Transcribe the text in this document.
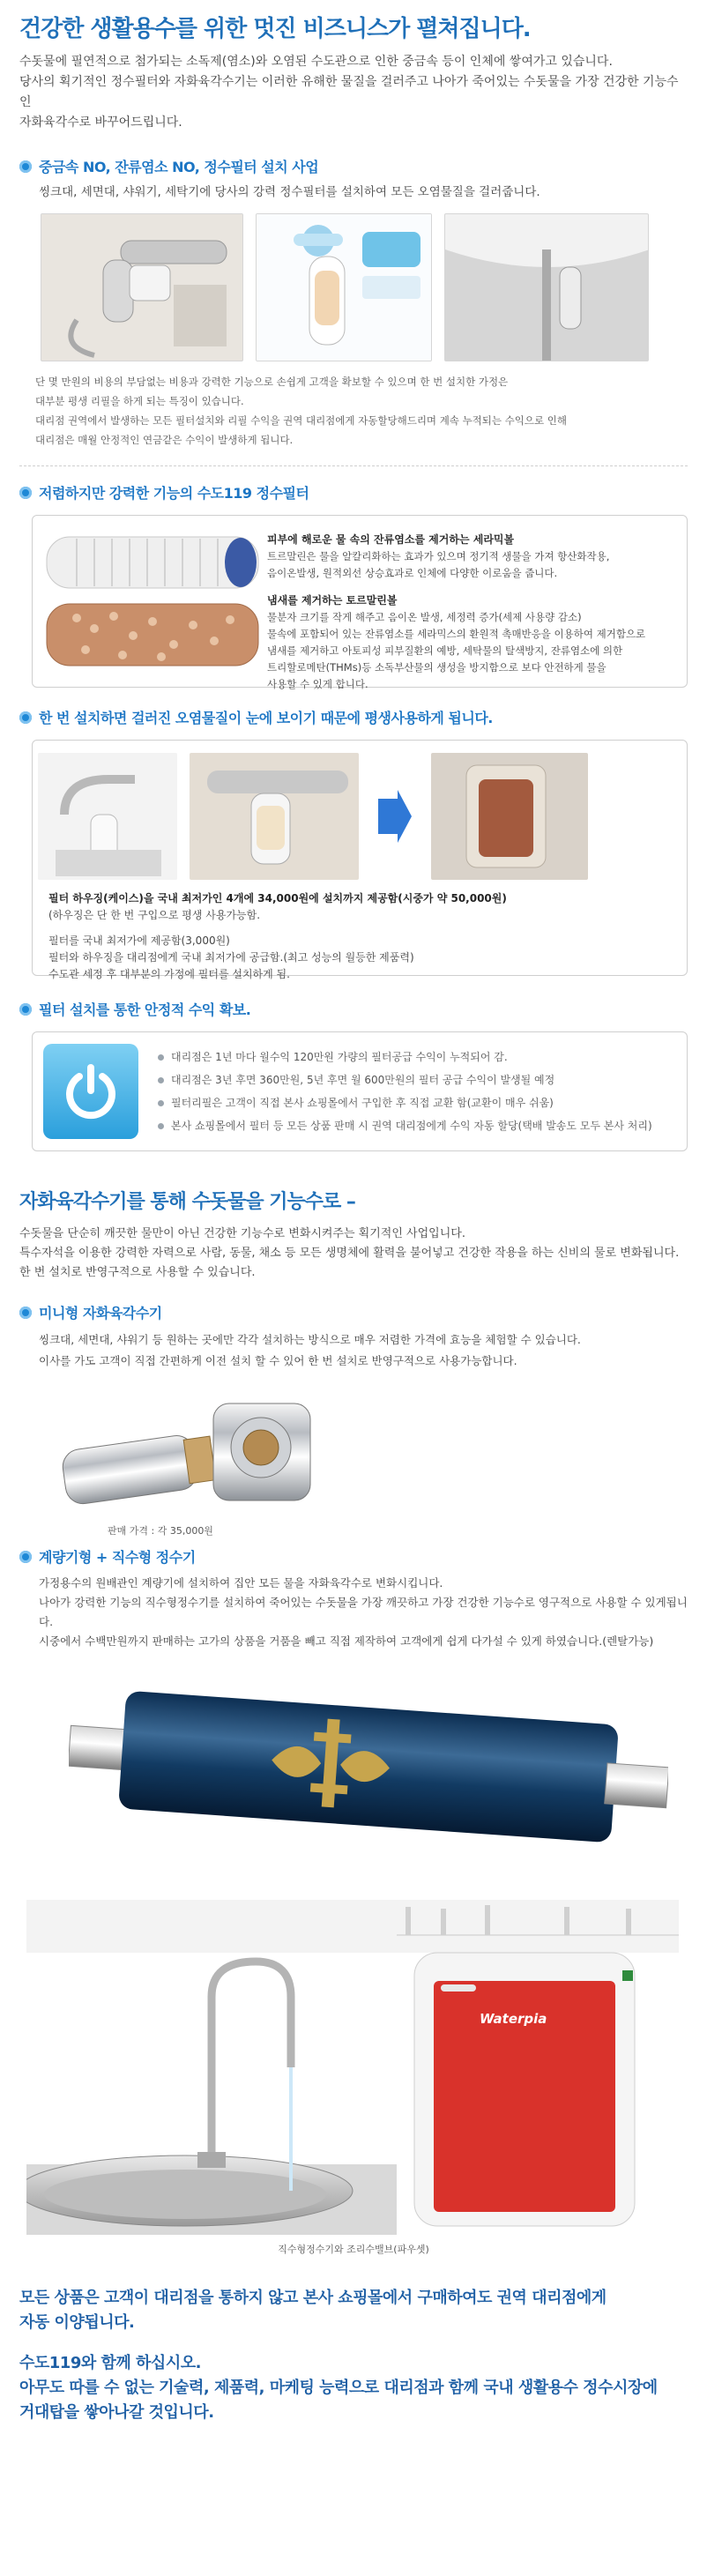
건강한 생활용수를 위한 멋진 비즈니스가 펼쳐집니다.
수돗물에 필연적으로 첨가되는 소독제(염소)와 오염된 수도관으로 인한 중금속 등이 인체에 쌓여가고 있습니다.
당사의 획기적인 정수필터와 자화육각수기는 이러한 유해한 물질을 걸러주고 나아가 죽어있는 수돗물을 가장 건강한 기능수인
자화육각수로 바꾸어드립니다.
중금속 NO, 잔류염소 NO, 정수필터 설치 사업
씽크대, 세면대, 샤워기, 세탁기에 당사의 강력 정수필터를 설치하여 모든 오염물질을 걸러줍니다.
단 몇 만원의 비용의 부담없는 비용과 강력한 기능으로 손쉽게 고객을 확보할 수 있으며 한 번 설치한 가정은
대부분 평생 리필을 하게 되는 특징이 있습니다.
대리점 권역에서 발생하는 모든 필터설치와 리필 수익을 권역 대리점에게 자동할당해드리며 계속 누적되는 수익으로 인해
대리점은 매월 안정적인 연금같은 수익이 발생하게 됩니다.
저렴하지만 강력한 기능의 수도119 정수필터
피부에 해로운 물 속의 잔류염소를 제거하는 세라믹볼

트르말린은 물을 알칼리화하는 효과가 있으며 정기적 생물을 가져 항산화작용,

음이온발생, 원적외선 상승효과로 인체에 다양한 이로움을 줍니다.

냄새를 제거하는 토르말린볼

물분자 크기를 작게 해주고 음이온 발생, 세정력 증가(세제 사용량 감소)

물속에 포함되어 있는 잔류염소를 세라믹스의 환원적 촉매반응을 이용하여 제거함으로

냄새를 제거하고 아토피성 피부질환의 예방, 세탁물의 탈색방지, 잔류염소에 의한

트리할로메탄(THMs)등 소독부산물의 생성을 방지함으로 보다 안전하게 물을

사용할 수 있게 합니다.

한 번 설치하면 걸러진 오염물질이 눈에 보이기 때문에 평생사용하게 됩니다.
필터 하우징(케이스)을 국내 최저가인 4개에 34,000원에 설치까지 제공함(시중가 약 50,000원)
(하우징은 단 한 번 구입으로 평생 사용가능함.
필터를 국내 최저가에 제공함(3,000원)
필터와 하우징을 대리점에게 국내 최저가에 공급함.(최고 성능의 월등한 제품력)
수도관 세정 후 대부분의 가정에 필터를 설치하게 됨.
필터 설치를 통한 안정적 수익 확보.
대리점은 1년 마다 월수익 120만원 가량의 필터공급 수익이 누적되어 감.
대리점은 3년 후면 360만원, 5년 후면 월 600만원의 필터 공급 수익이 발생될 예정
필터리필은 고객이 직접 본사 쇼핑몰에서 구입한 후 직접 교환 함(교환이 매우 쉬움)
본사 쇼핑몰에서 필터 등 모든 상품 판매 시 권역 대리점에게 수익 자동 할당(택배 발송도 모두 본사 처리)
자화육각수기를 통해 수돗물을 기능수로 –
수돗물을 단순히 깨끗한 물만이 아닌 건강한 기능수로 변화시켜주는 획기적인 사업입니다.
특수자석을 이용한 강력한 자력으로 사람, 동물, 채소 등 모든 생명체에 활력을 불어넣고 건강한 작용을 하는 신비의 물로 변화됩니다.
한 번 설치로 반영구적으로 사용할 수 있습니다.
미니형 자화육각수기
씽크대, 세면대, 샤워기 등 원하는 곳에만 각각 설치하는 방식으로 매우 저렴한 가격에 효능을 체험할 수 있습니다.
이사를 가도 고객이 직접 간편하게 이전 설치 할 수 있어 한 번 설치로 반영구적으로 사용가능합니다.
판매 가격 : 각 35,000원
계량기형 + 직수형 정수기
가정용수의 원배관인 계량기에 설치하여 집안 모든 물을 자화육각수로 변화시킵니다.
나아가 강력한 기능의 직수형정수기를 설치하여 죽어있는 수돗물을 가장 깨끗하고 가장 건강한 기능수로 영구적으로 사용할 수 있게됩니다.
시중에서 수백만원까지 판매하는 고가의 상품을 거품을 빼고 직접 제작하여 고객에게 쉽게 다가설 수 있게 하였습니다.(렌탈가능)
Waterpia
직수형정수기와 조리수밸브(파우셋)
모든 상품은 고객이 대리점을 통하지 않고 본사 쇼핑몰에서 구매하여도 권역 대리점에게
자동 이양됩니다.
수도119와 함께 하십시오.
아무도 따를 수 없는 기술력, 제품력, 마케팅 능력으로 대리점과 함께 국내 생활용수 정수시장에
거대탑을 쌓아나갈 것입니다.
